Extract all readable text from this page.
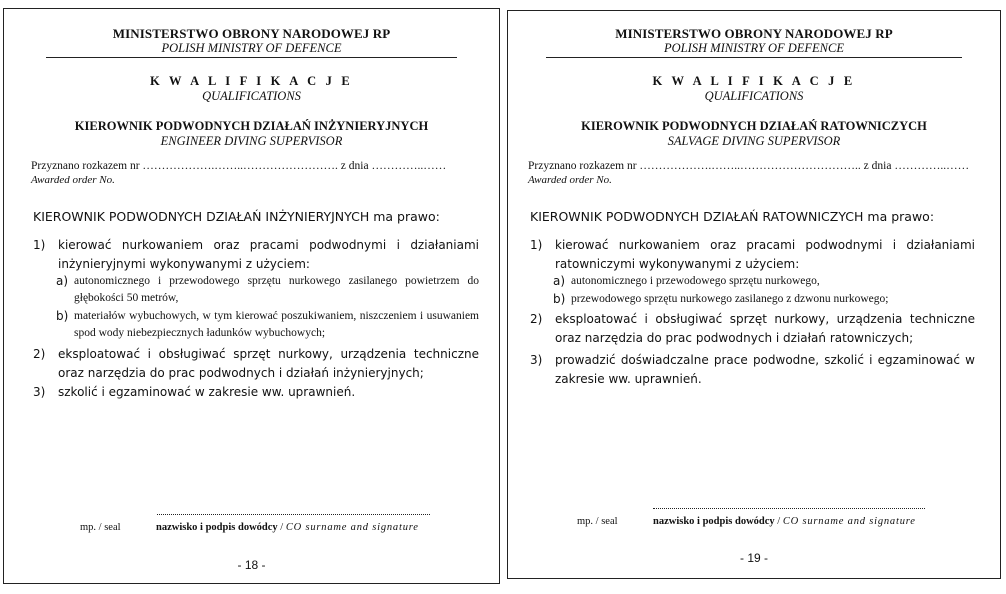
MINISTERSTWO OBRONY NARODOWEJ RP
POLISH MINISTRY OF DEFENCE
K W A L I F I K A C J E
QUALIFICATIONS
KIEROWNIK PODWODNYCH DZIAŁAŃ INŻYNIERYJNYCH
ENGINEER DIVING SUPERVISOR
Przyznano rozkazem nr ……………….……..……………………. z dnia …………..……
Awarded order No.
KIEROWNIK PODWODNYCH DZIAŁAŃ INŻYNIERYJNYCH ma prawo:
1) kierować nurkowaniem oraz pracami podwodnymi i działaniami inżynieryjnymi wykonywanymi z użyciem:
a) autonomicznego i przewodowego sprzętu nurkowego zasilanego powietrzem do głębokości 50 metrów,
b) materiałów wybuchowych, w tym kierować poszukiwaniem, niszczeniem i usuwaniem spod wody niebezpiecznych ładunków wybuchowych;
2) eksploatować i obsługiwać sprzęt nurkowy, urządzenia techniczne oraz narzędzia do prac podwodnych i działań inżynieryjnych;
3) szkolić i egzaminować w zakresie ww. uprawnień.
mp. / seal	nazwisko i podpis dowódcy / CO surname and signature
- 18 -
MINISTERSTWO OBRONY NARODOWEJ RP
POLISH MINISTRY OF DEFENCE
K W A L I F I K A C J E
QUALIFICATIONS
KIEROWNIK PODWODNYCH DZIAŁAŃ RATOWNICZYCH
SALVAGE DIVING SUPERVISOR
Przyznano rozkazem nr ……………….……..………………………….. z dnia …………..……
Awarded order No.
KIEROWNIK PODWODNYCH DZIAŁAŃ RATOWNICZYCH ma prawo:
1) kierować nurkowaniem oraz pracami podwodnymi i działaniami ratowniczymi wykonywanymi z użyciem:
a) autonomicznego i przewodowego sprzętu nurkowego,
b) przewodowego sprzętu nurkowego zasilanego z dzwonu nurkowego;
2) eksploatować i obsługiwać sprzęt nurkowy, urządzenia techniczne oraz narzędzia do prac podwodnych i działań ratowniczych;
3) prowadzić doświadczalne prace podwodne, szkolić i egzaminować w zakresie ww. uprawnień.
mp. / seal	nazwisko i podpis dowódcy / CO surname and signature
- 19 -
